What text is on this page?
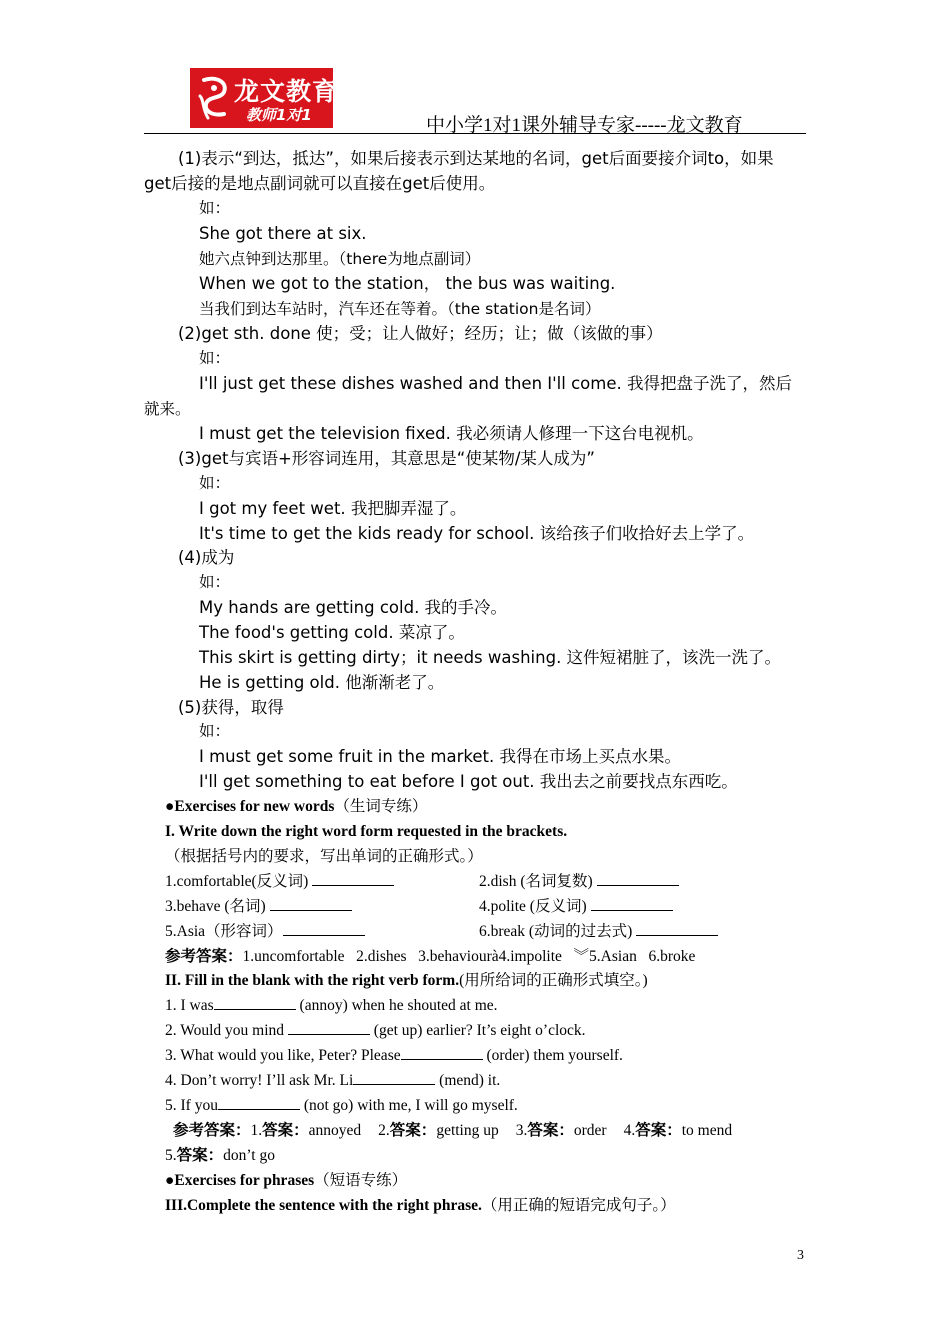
龙文教育
教师1对1	中小学1对1课外辅导专家-----龙文教育
(1)表示“到达，抵达”，如果后接表示到达某地的名词，get后面要接介词to，如果
get后接的是地点副词就可以直接在get后使用。
如：
She got there at six.
她六点钟到达那里。（there为地点副词）
When we got to the station， the bus was waiting.
当我们到达车站时，汽车还在等着。（the station是名词）
(2)get sth. done 使；受；让人做好；经历；让；做（该做的事）
如：
I'll just get these dishes washed and then I'll come. 我得把盘子洗了，然后
就来。
I must get the television fixed. 我必须请人修理一下这台电视机。
(3)get与宾语+形容词连用，其意思是“使某物/某人成为”
如：
I got my feet wet. 我把脚弄湿了。
It's time to get the kids ready for school. 该给孩子们收拾好去上学了。
(4)成为
如：
My hands are getting cold. 我的手冷。
The food's getting cold. 菜凉了。
This skirt is getting dirty；it needs washing. 这件短裙脏了，该洗一洗了。
He is getting old. 他渐渐老了。
(5)获得，取得
如：
I must get some fruit in the market. 我得在市场上买点水果。
I'll get something to eat before I got out. 我出去之前要找点东西吃。
●Exercises for new words（生词专练）
I. Write down the right word form requested in the brackets.
（根据括号内的要求，写出单词的正确形式。）
1.comfortable(反义词)	2.dish (名词复数)
3.behave (名词)	4.polite (反义词)
5.Asia（形容词）	6.break (动词的过去式)
参考答案：1.uncomfortable   2.dishes   3.behaviourà4.impolite   ︾5.Asian   6.broke
II. Fill in the blank with the right verb form.(用所给词的正确形式填空。)
1. I was	(annoy) when he shouted at me.
2. Would you mind	(get up) earlier? It’s eight o’clock.
3. What would you like, Peter? Please	(order) them yourself.
4. Don’t worry! I’ll ask Mr. Li	(mend) it.
5. If you	(not go) with me, I will go myself.
参考答案：1.答案：annoyed 2.答案：getting up 3.答案：order 4.答案：to mend
5.答案：don’t go
●Exercises for phrases（短语专练）
III.Complete the sentence with the right phrase.（用正确的短语完成句子。）
3
